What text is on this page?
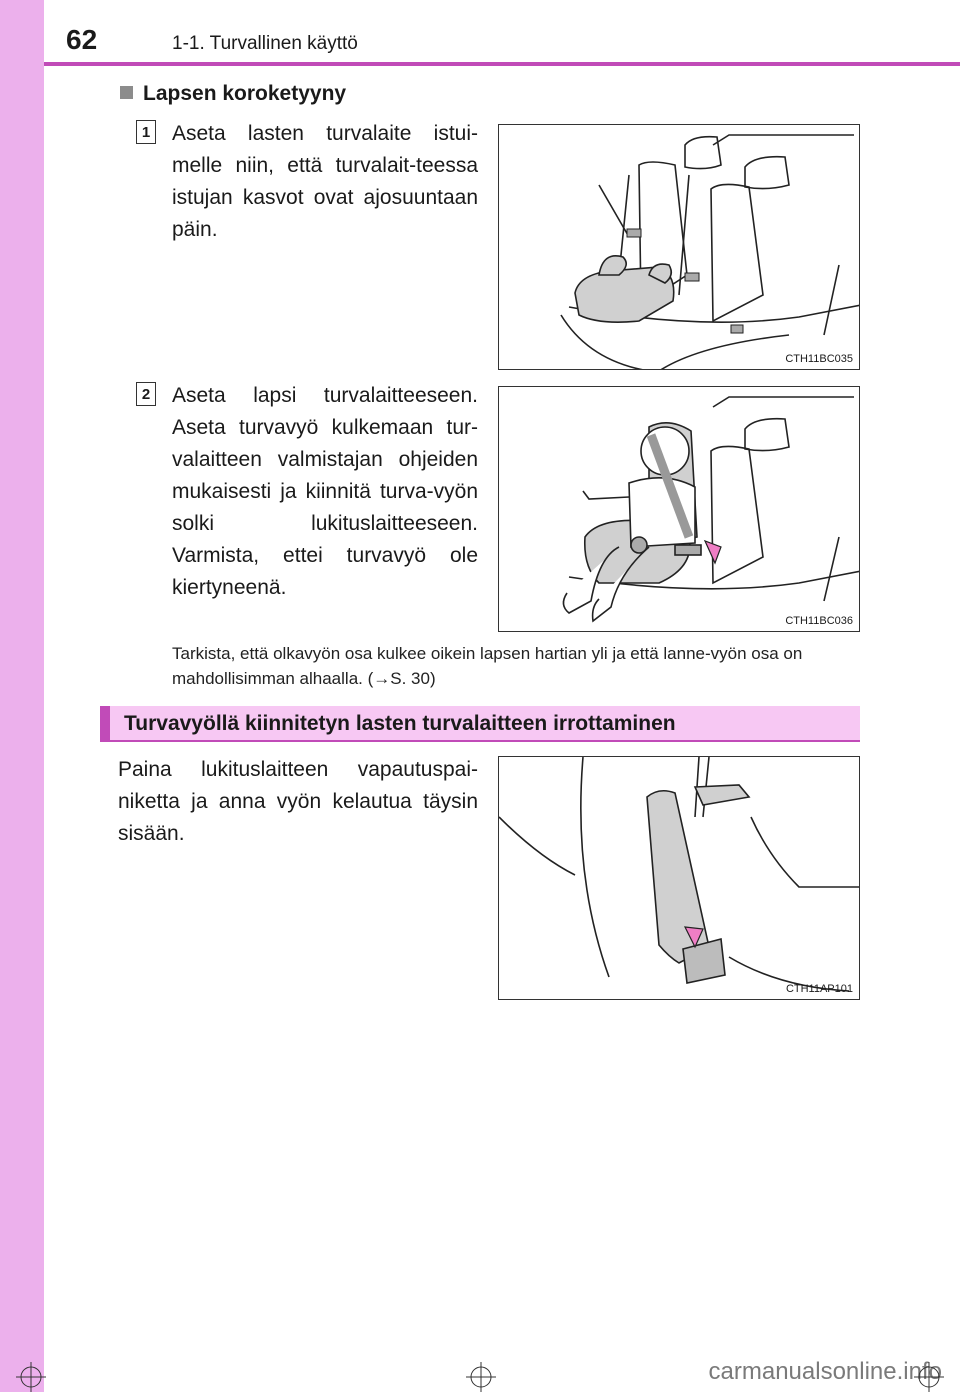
62	1-1. Turvallinen käyttö
Lapsen koroketyyny
1 Aseta lasten turvalaite istui-melle niin, että turvalait-teessa istujan kasvot ovat ajosuuntaan päin.
CTH11BC035
2 Aseta lapsi turvalaitteeseen. Aseta turvavyö kulkemaan tur-valaitteen valmistajan ohjeiden mukaisesti ja kiinnitä turva-vyön solki lukituslaitteeseen. Varmista, ettei turvavyö ole kiertyneenä.
CTH11BC036
Tarkista, että olkavyön osa kulkee oikein lapsen hartian yli ja että lanne-vyön osa on mahdollisimman alhaalla. (→S. 30)
Turvavyöllä kiinnitetyn lasten turvalaitteen irrottaminen
Paina lukituslaitteen vapautuspai-niketta ja anna vyön kelautua täysin sisään.
CTH11AP101
carmanualsonline.info
